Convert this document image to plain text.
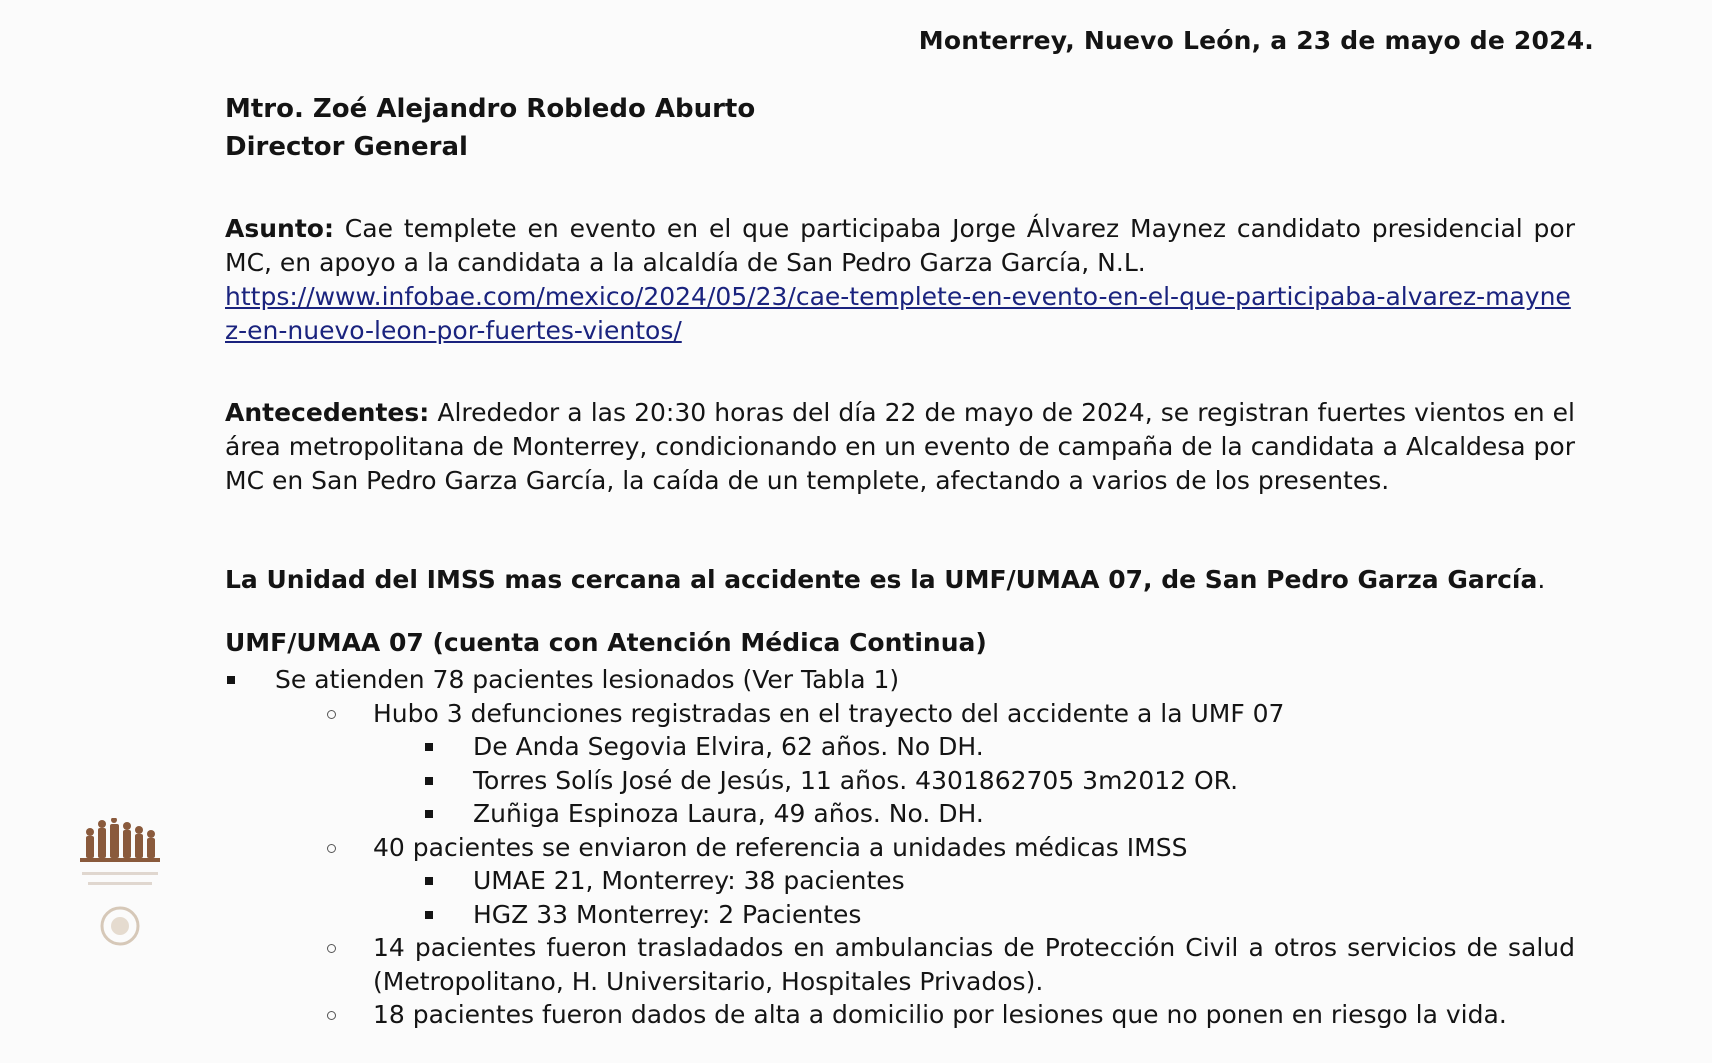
Monterrey, Nuevo León, a 23 de mayo de 2024.
Mtro. Zoé Alejandro Robledo Aburto
Director General
Asunto: Cae templete en evento en el que participaba Jorge Álvarez Maynez candidato presidencial por MC, en apoyo a la candidata a la alcaldía de San Pedro Garza García, N.L.
https://www.infobae.com/mexico/2024/05/23/cae-templete-en-evento-en-el-que-participaba-alvarez-maynez-en-nuevo-leon-por-fuertes-vientos/
Antecedentes: Alrededor a las 20:30 horas del día 22 de mayo de 2024, se registran fuertes vientos en el área metropolitana de Monterrey, condicionando en un evento de campaña de la candidata a Alcaldesa por MC en San Pedro Garza García, la caída de un templete, afectando a varios de los presentes.
La Unidad del IMSS mas cercana al accidente es la UMF/UMAA 07, de San Pedro Garza García.
UMF/UMAA 07 (cuenta con Atención Médica Continua)
Se atienden 78 pacientes lesionados (Ver Tabla 1)
Hubo 3 defunciones registradas en el trayecto del accidente a la UMF 07
De Anda Segovia Elvira, 62 años. No DH.
Torres Solís José de Jesús, 11 años. 4301862705 3m2012 OR.
Zuñiga Espinoza Laura, 49 años. No. DH.
40 pacientes se enviaron de referencia a unidades médicas IMSS
UMAE 21, Monterrey: 38 pacientes
HGZ 33 Monterrey: 2 Pacientes
14 pacientes fueron trasladados en ambulancias de Protección Civil a otros servicios de salud (Metropolitano, H. Universitario, Hospitales Privados).
18 pacientes fueron dados de alta a domicilio por lesiones que no ponen en riesgo la vida.
